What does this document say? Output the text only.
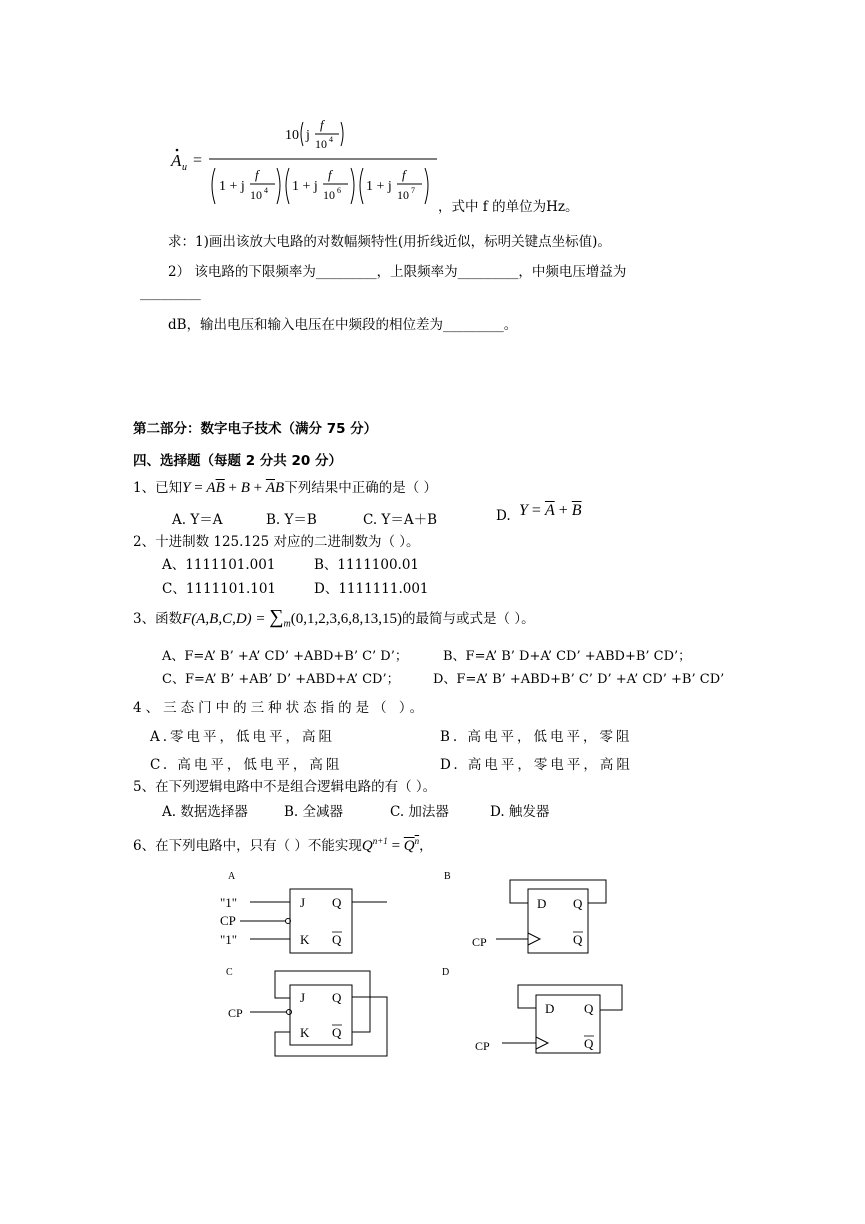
A u =
10 j
f
10 4
1 + j
f
10 4 1 + j
f
10 6 1 + j
f
10 7
，式中 f 的单位为Hz。
求：1)画出该放大电路的对数幅频特性(用折线近似，标明关键点坐标值)。
2） 该电路的下限频率为_________，上限频率为_________，中频电压增益为
_________
dB，输出电压和输入电压在中频段的相位差为_________。
第二部分：数字电子技术（满分 75 分）
四、选择题（每题 2 分共 20 分）
1、已知$Y = A\overline{B} + B + \overline{A}B$下列结果中正确的是（ ）
A. Y＝A	B. Y＝B	C. Y＝A＋B	D. $Y = \overline{A} + \overline{B}$
2、十进制数 125.125 对应的二进制数为（ ）。
A、1111101.001	B、1111100.01
C、1111101.101	D、1111111.001
3、函数$F(A,B,C,D) = \sum_m(0,1,2,3,6,8,13,15)$的最简与或式是（ ）。
A、F=A’ B’ +A’ CD’ +ABD+B’ C’ D’；	B、F=A’ B’ D+A’ CD’ +ABD+B’ CD’；
C、F=A’ B’ +AB’ D’ +ABD+A’ CD’；	D、F=A’ B’ +ABD+B’ C’ D’ +A’ CD’ +B’ CD’
4、三态门中的三种状态指的是（ ）。
A.零电平，低电平，高阻	B. 高电平，低电平，零阻
C. 高电平，低电平，高阻	D. 高电平，零电平，高阻
5、在下列逻辑电路中不是组合逻辑电路的有（ ）。
A. 数据选择器	B. 全减器	C. 加法器	D. 触发器
6、在下列电路中，只有（ ）不能实现$Q^{n+1} = \overline{Q}^{\overline{n}}$，
A
"1"
CP
"1"
J
K
Q
Q
B
D Q
Q
CP
C
CP
J
K
Q
Q
D
D Q
Q
CP
